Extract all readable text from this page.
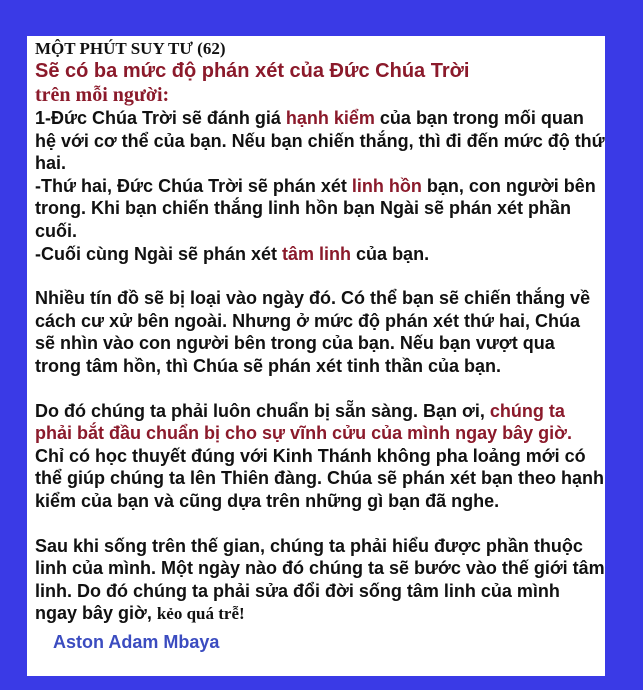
MỘT PHÚT SUY TƯ (62)
Sẽ có ba mức độ phán xét của Đức Chúa Trời
trên mỗi người:

1-Đức Chúa Trời sẽ đánh giá hạnh kiểm của bạn trong mối quan hệ với cơ thể của bạn. Nếu bạn chiến thắng, thì đi đến mức độ thứ hai.

-Thứ hai, Đức Chúa Trời sẽ phán xét linh hồn bạn, con người bên trong. Khi bạn chiến thắng linh hồn bạn Ngài sẽ phán xét phần cuối.

-Cuối cùng Ngài sẽ phán xét tâm linh của bạn.

Nhiều tín đồ sẽ bị loại vào ngày đó. Có thể bạn sẽ chiến thắng về cách cư xử bên ngoài. Nhưng ở mức độ phán xét thứ hai, Chúa sẽ nhìn vào con người bên trong của bạn. Nếu bạn vượt qua trong tâm hồn, thì Chúa sẽ phán xét tinh thần của bạn.

Do đó chúng ta phải luôn chuẩn bị sẵn sàng. Bạn ơi, chúng ta phải bắt đầu chuẩn bị cho sự vĩnh cửu của mình ngay bây giờ. Chỉ có học thuyết đúng với Kinh Thánh không pha loảng mới có thể giúp chúng ta lên Thiên đàng. Chúa sẽ phán xét bạn theo hạnh kiểm của bạn và cũng dựa trên những gì bạn đã nghe.

Sau khi sống trên thế gian, chúng ta phải hiểu được phần thuộc linh của mình. Một ngày nào đó chúng ta sẽ bước vào thế giới tâm linh. Do đó chúng ta phải sửa đổi đời sống tâm linh của mình ngay bây giờ, kẻo quá trễ!

Aston Adam Mbaya
